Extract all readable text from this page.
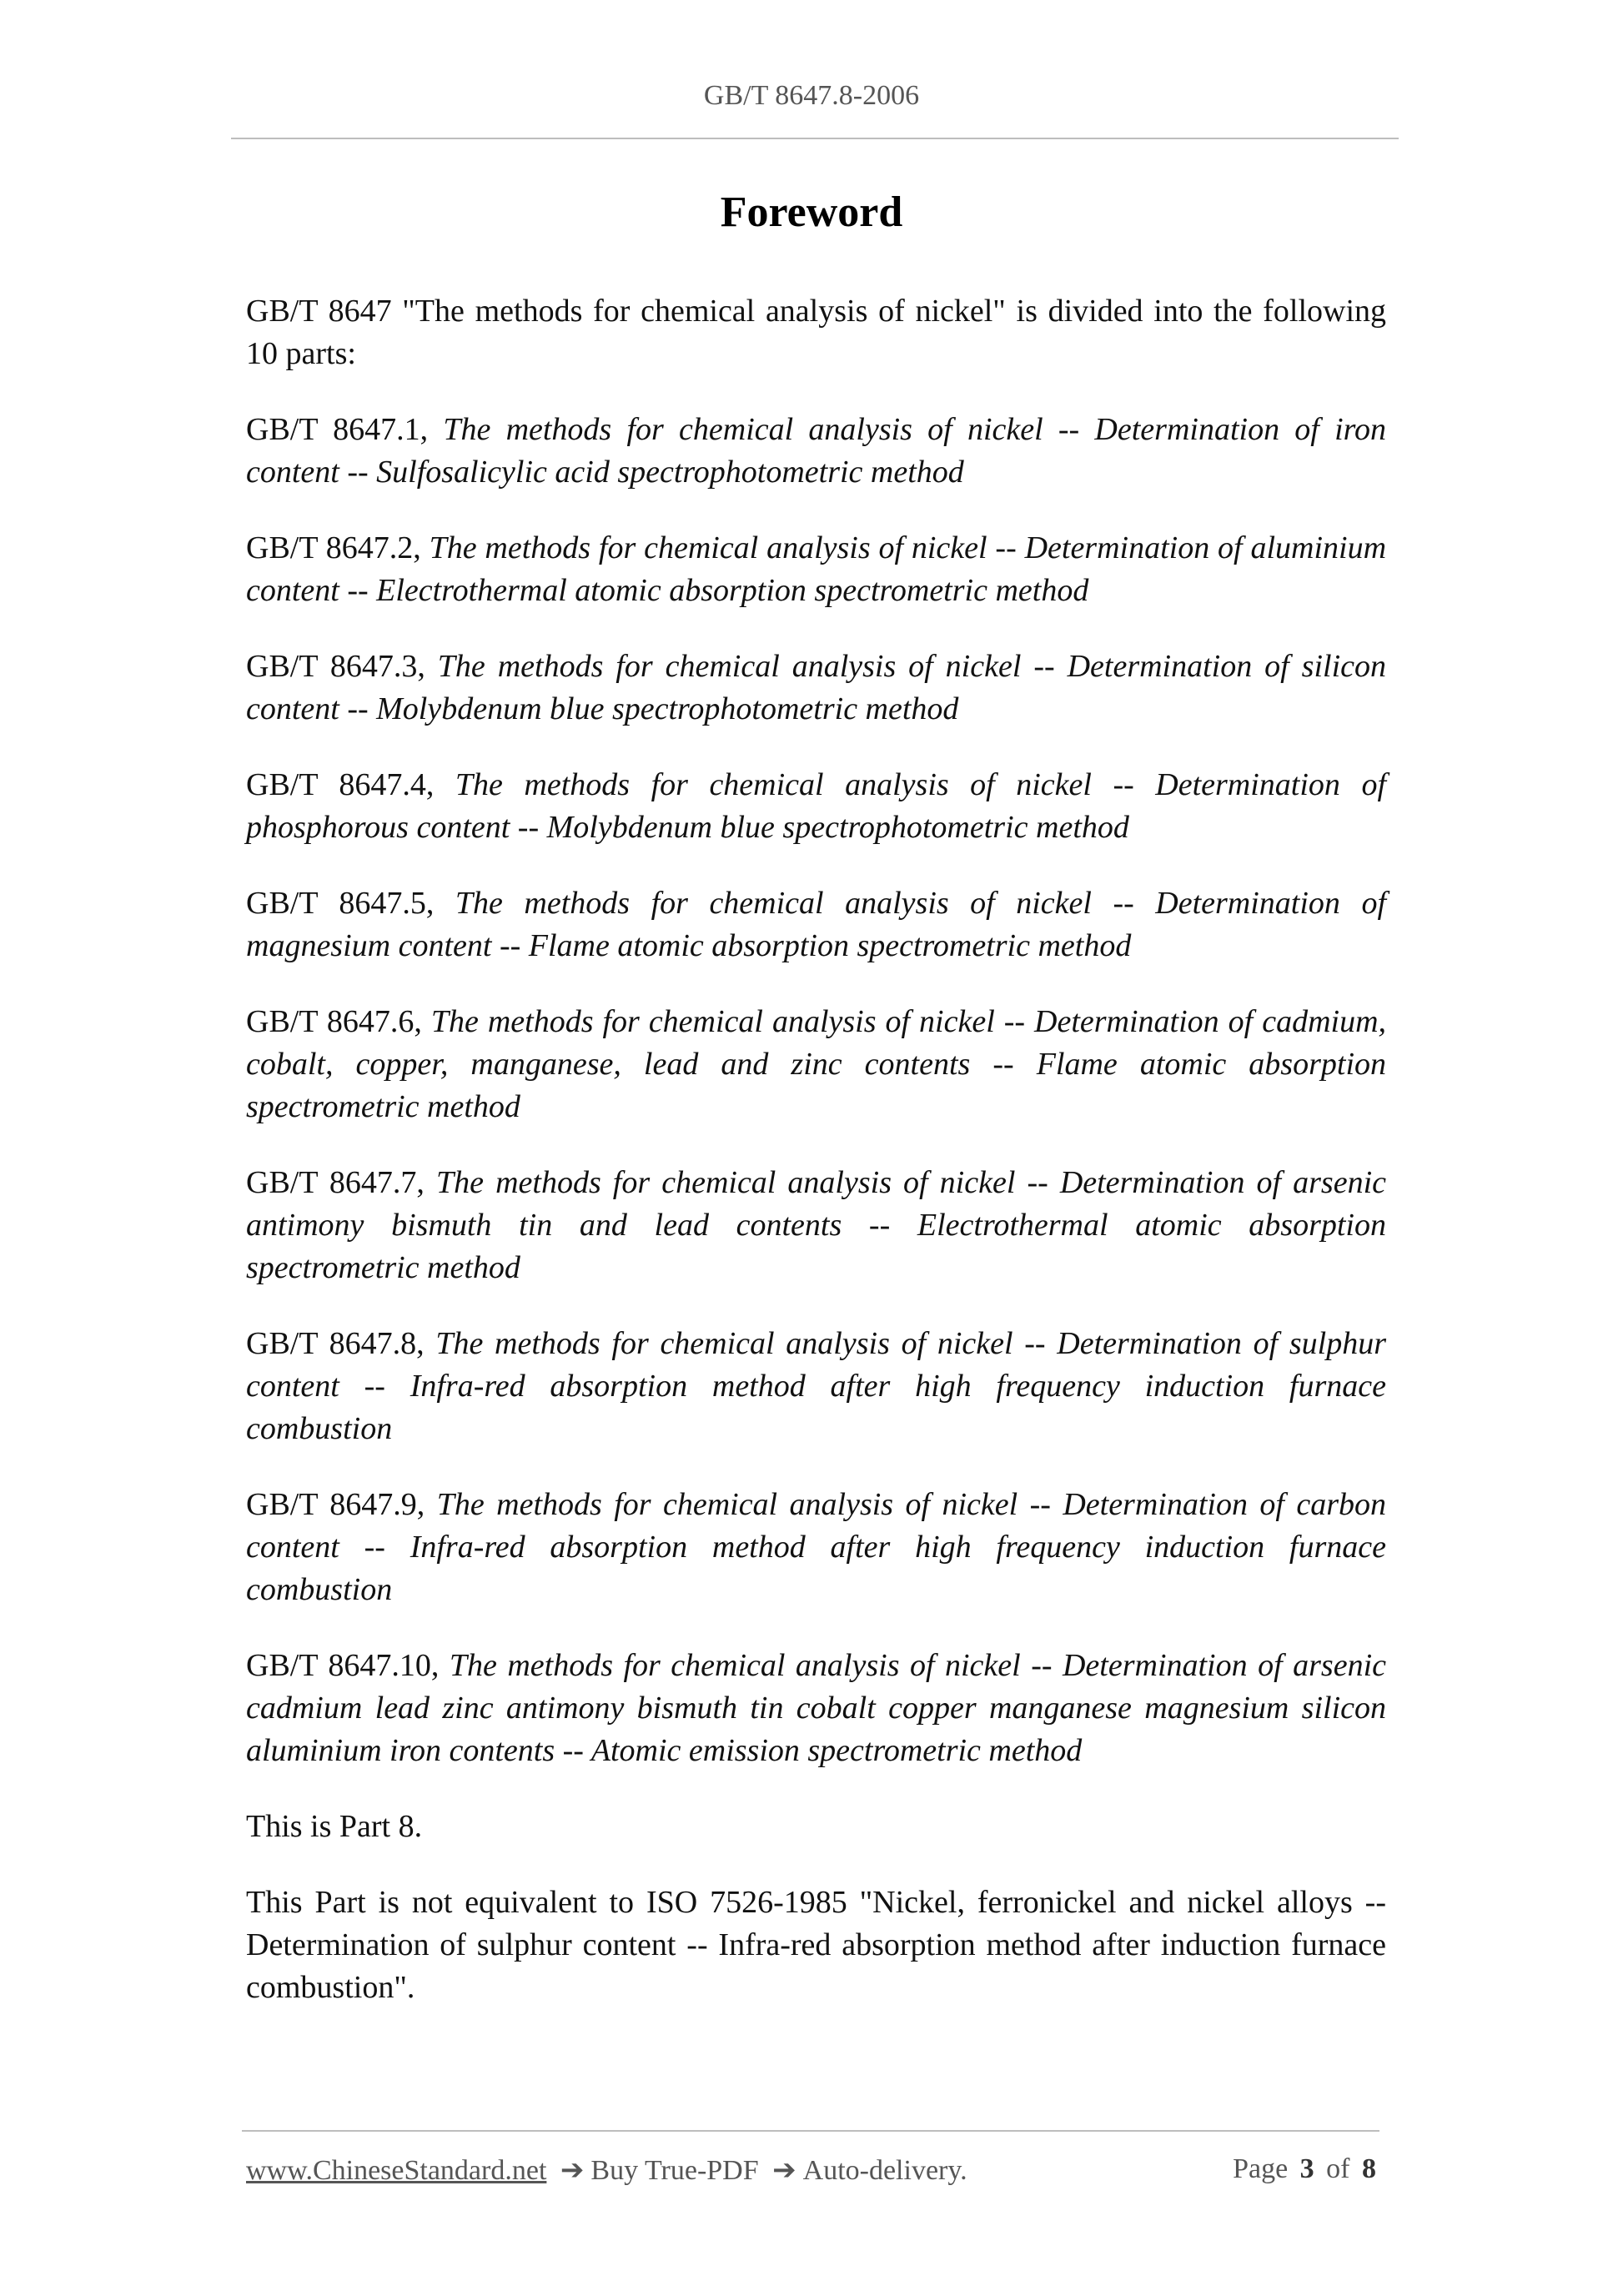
GB/T 8647.8-2006
Foreword

GB/T 8647 "The methods for chemical analysis of nickel" is divided into the following 10 parts:

GB/T 8647.1, The methods for chemical analysis of nickel -- Determination of iron content -- Sulfosalicylic acid spectrophotometric method

GB/T 8647.2, The methods for chemical analysis of nickel -- Determination of aluminium content -- Electrothermal atomic absorption spectrometric method

GB/T 8647.3, The methods for chemical analysis of nickel -- Determination of silicon content -- Molybdenum blue spectrophotometric method

GB/T 8647.4, The methods for chemical analysis of nickel -- Determination of phosphorous content -- Molybdenum blue spectrophotometric method

GB/T 8647.5, The methods for chemical analysis of nickel -- Determination of magnesium content -- Flame atomic absorption spectrometric method

GB/T 8647.6, The methods for chemical analysis of nickel -- Determination of cadmium, cobalt, copper, manganese, lead and zinc contents -- Flame atomic absorption spectrometric method

GB/T 8647.7, The methods for chemical analysis of nickel -- Determination of arsenic antimony bismuth tin and lead contents -- Electrothermal atomic absorption spectrometric method

GB/T 8647.8, The methods for chemical analysis of nickel -- Determination of sulphur content -- Infra-red absorption method after high frequency induction furnace combustion

GB/T 8647.9, The methods for chemical analysis of nickel -- Determination of carbon content -- Infra-red absorption method after high frequency induction furnace combustion

GB/T 8647.10, The methods for chemical analysis of nickel -- Determination of arsenic cadmium lead zinc antimony bismuth tin cobalt copper manganese magnesium silicon aluminium iron contents -- Atomic emission spectrometric method

This is Part 8.

This Part is not equivalent to ISO 7526-1985 "Nickel, ferronickel and nickel alloys -- Determination of sulphur content -- Infra-red absorption method after induction furnace combustion".

www.ChineseStandard.net ➔ Buy True-PDF ➔ Auto-delivery.	Page 3 of 8
